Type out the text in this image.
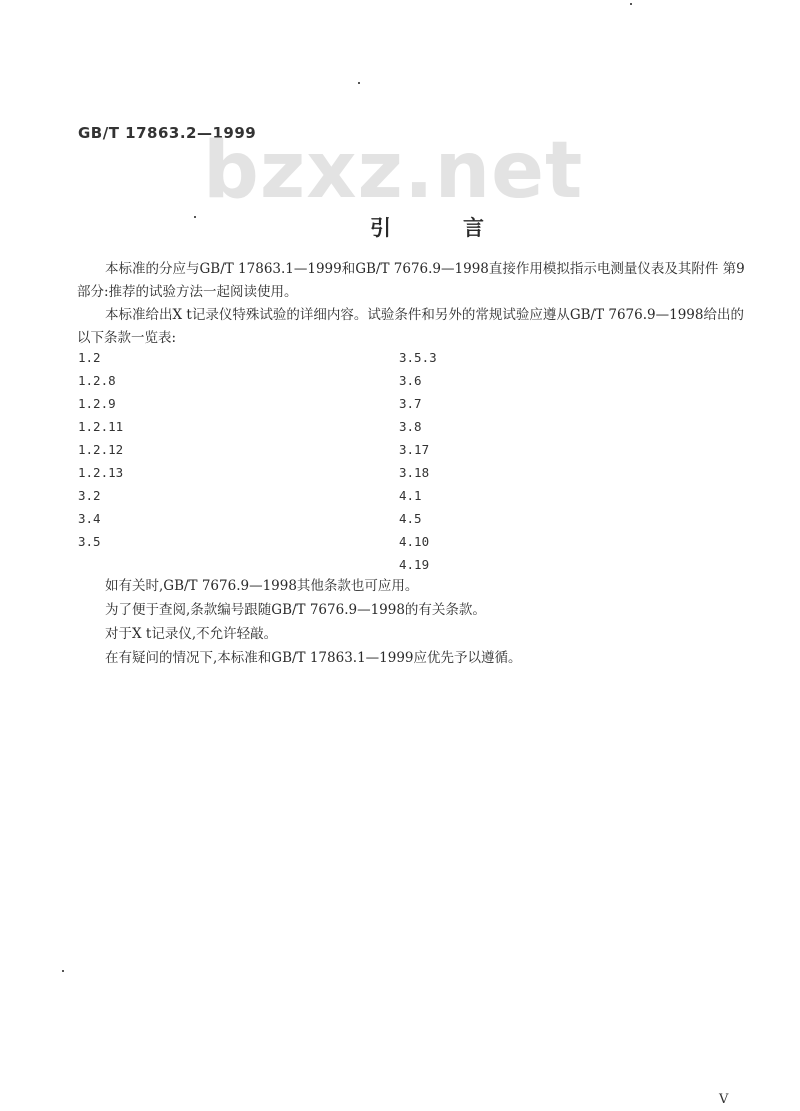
GB/T 17863.2—1999
bzxz.net
引言
本标准的分应与GB/T 17863.1—1999和GB/T 7676.9—1998直接作用模拟指示电测量仪表及其附件 第9部分:推荐的试验方法一起阅读使用。
本标准给出X t记录仪特殊试验的详细内容。试验条件和另外的常规试验应遵从GB/T 7676.9—1998给出的以下条款一览表:
1.2
1.2.8
1.2.9
1.2.11
1.2.12
1.2.13
3.2
3.4
3.5
3.5.3
3.6
3.7
3.8
3.17
3.18
4.1
4.5
4.10
4.19
如有关时,GB/T 7676.9—1998其他条款也可应用。
为了便于查阅,条款编号跟随GB/T 7676.9—1998的有关条款。
对于X t记录仪,不允许轻敲。
在有疑问的情况下,本标准和GB/T 17863.1—1999应优先予以遵循。
V
